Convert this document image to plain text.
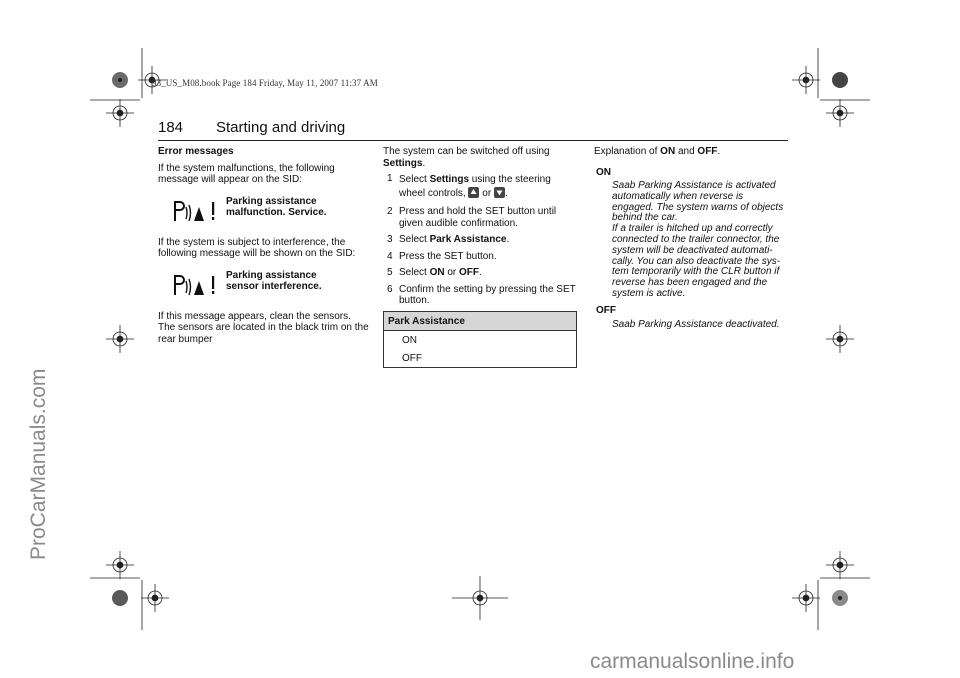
93_US_M08.book Page 184 Friday, May 11, 2007 11:37 AM
184 Starting and driving

Error messages

If the system malfunctions, the following message will appear on the SID:

Parking assistance
malfunction. Service.

If the system is subject to interference, the following message will be shown on the SID:

Parking assistance
sensor interference.

If this message appears, clean the sensors. The sensors are located in the black trim on the rear bumper

The system can be switched off using Settings.

1 Select Settings using the steering wheel controls,
or
.
2 Press and hold the SET button until given audible confirmation.
3 Select Park Assistance.
4 Press the SET button.
5 Select ON or OFF.
6 Confirm the setting by pressing the SET button.
Park Assistance
ON
OFF

Explanation of ON and OFF.

ON

Saab Parking Assistance is activated
automatically when reverse is
engaged. The system warns of objects
behind the car.
If a trailer is hitched up and correctly
connected to the trailer connector, the
system will be deactivated automati-
cally. You can also deactivate the sys-
tem temporarily with the CLR button if
reverse has been engaged and the
system is active.

OFF

Saab Parking Assistance deactivated.
ProCarManuals.com
carmanualsonline.info
